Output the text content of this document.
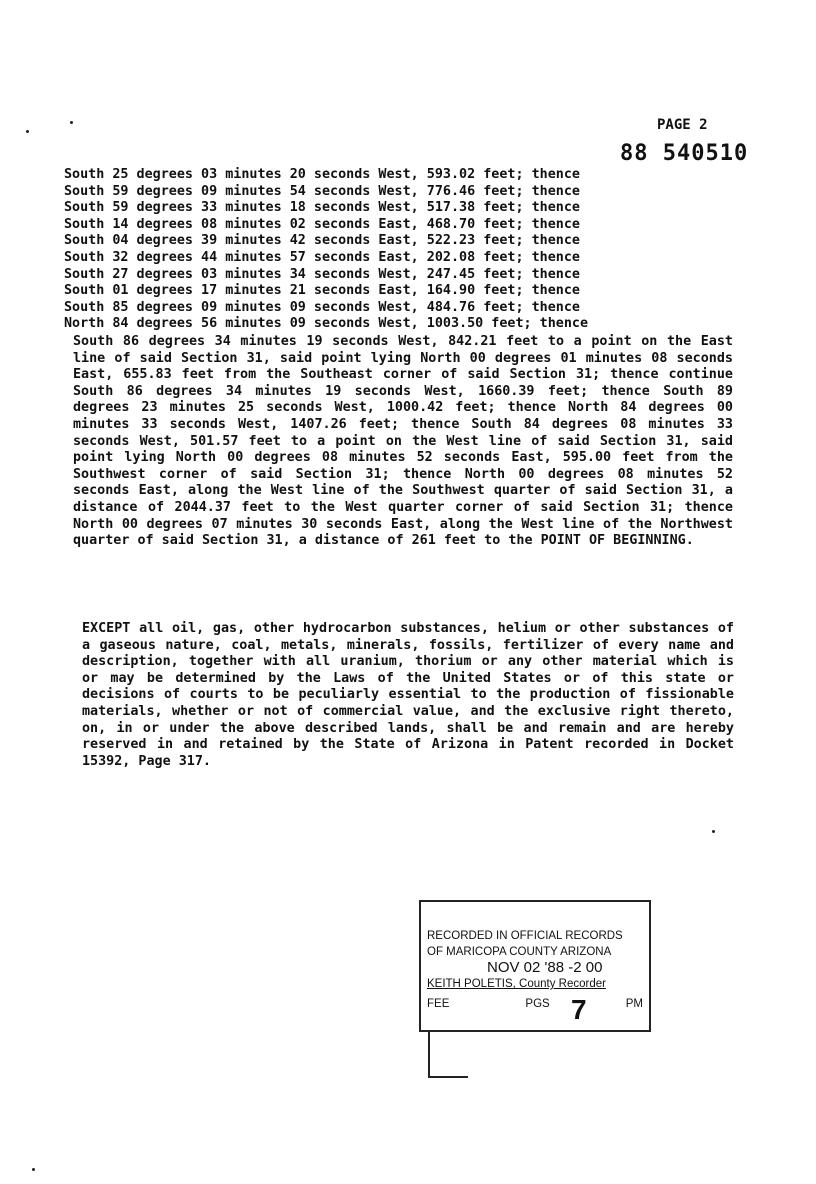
PAGE 2
88 540510
South 25 degrees 03 minutes 20 seconds West, 593.02 feet; thence
South 59 degrees 09 minutes 54 seconds West, 776.46 feet; thence
South 59 degrees 33 minutes 18 seconds West, 517.38 feet; thence
South 14 degrees 08 minutes 02 seconds East, 468.70 feet; thence
South 04 degrees 39 minutes 42 seconds East, 522.23 feet; thence
South 32 degrees 44 minutes 57 seconds East, 202.08 feet; thence
South 27 degrees 03 minutes 34 seconds West, 247.45 feet; thence
South 01 degrees 17 minutes 21 seconds East, 164.90 feet; thence
South 85 degrees 09 minutes 09 seconds West, 484.76 feet; thence
North 84 degrees 56 minutes 09 seconds West, 1003.50 feet; thence

South 86 degrees 34 minutes 19 seconds West, 842.21 feet to a point on the East line of said Section 31, said point lying North 00 degrees 01 minutes 08 seconds East, 655.83 feet from the Southeast corner of said Section 31; thence continue South 86 degrees 34 minutes 19 seconds West, 1660.39 feet; thence South 89 degrees 23 minutes 25 seconds West, 1000.42 feet; thence North 84 degrees 00 minutes 33 seconds West, 1407.26 feet; thence South 84 degrees 08 minutes 33 seconds West, 501.57 feet to a point on the West line of said Section 31, said point lying North 00 degrees 08 minutes 52 seconds East, 595.00 feet from the Southwest corner of said Section 31; thence North 00 degrees 08 minutes 52 seconds East, along the West line of the Southwest quarter of said Section 31, a distance of 2044.37 feet to the West quarter corner of said Section 31; thence North 00 degrees 07 minutes 30 seconds East, along the West line of the Northwest quarter of said Section 31, a distance of 261 feet to the POINT OF BEGINNING.

EXCEPT all oil, gas, other hydrocarbon substances, helium or other substances of a gaseous nature, coal, metals, minerals, fossils, fertilizer of every name and description, together with all uranium, thorium or any other material which is or may be determined by the Laws of the United States or of this state or decisions of courts to be peculiarly essential to the production of fissionable materials, whether or not of commercial value, and the exclusive right thereto, on, in or under the above described lands, shall be and remain and are hereby reserved in and retained by the State of Arizona in Patent recorded in Docket 15392, Page 317.

RECORDED IN OFFICIAL RECORDS
OF MARICOPA COUNTY ARIZONA
NOV 02 '88 -2 00
KEITH POLETIS, County Recorder
FEE	PGS	PM
7
